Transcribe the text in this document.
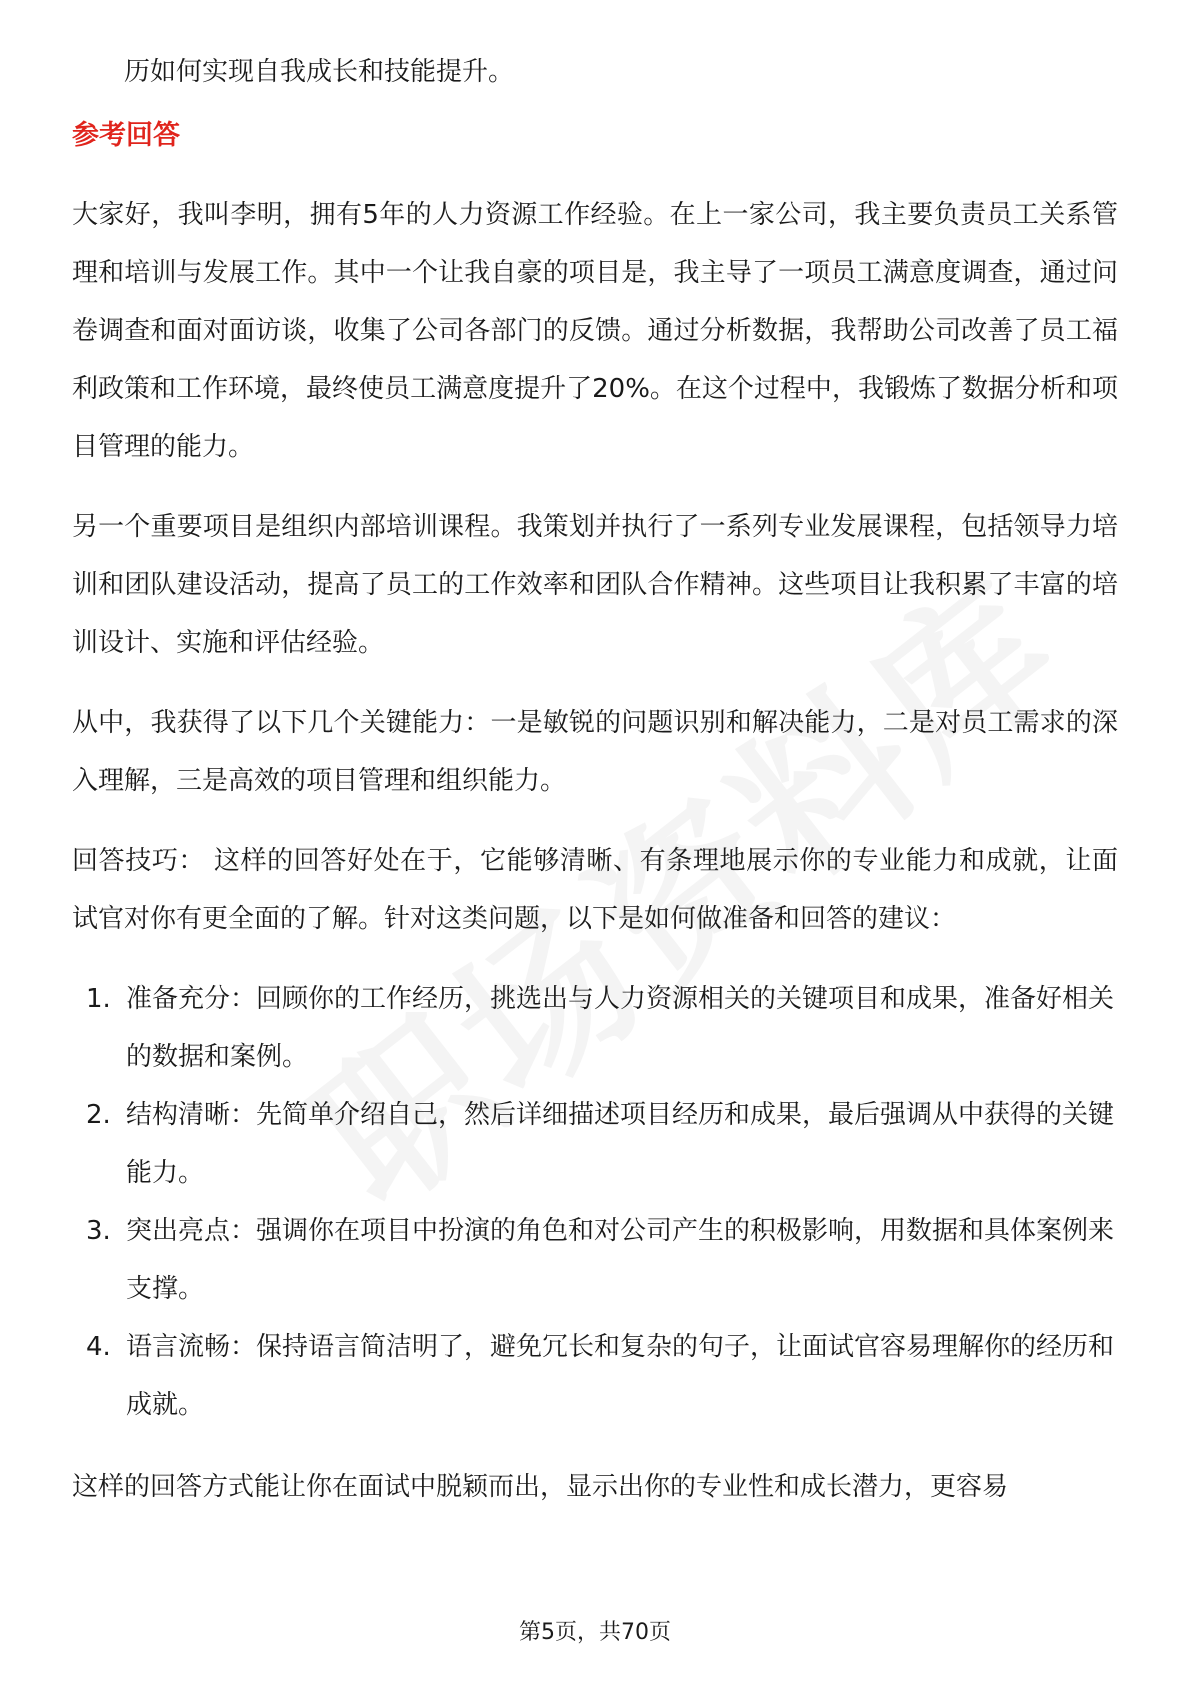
历如何实现自我成长和技能提升。

参考回答

大家好，我叫李明，拥有5年的人力资源工作经验。在上一家公司，我主要负责员工关系管理和培训与发展工作。其中一个让我自豪的项目是，我主导了一项员工满意度调查，通过问卷调查和面对面访谈，收集了公司各部门的反馈。通过分析数据，我帮助公司改善了员工福利政策和工作环境，最终使员工满意度提升了20%。在这个过程中，我锻炼了数据分析和项目管理的能力。

另一个重要项目是组织内部培训课程。我策划并执行了一系列专业发展课程，包括领导力培训和团队建设活动，提高了员工的工作效率和团队合作精神。这些项目让我积累了丰富的培训设计、实施和评估经验。

从中，我获得了以下几个关键能力：一是敏锐的问题识别和解决能力，二是对员工需求的深入理解，三是高效的项目管理和组织能力。

回答技巧： 这样的回答好处在于，它能够清晰、有条理地展示你的专业能力和成就，让面试官对你有更全面的了解。针对这类问题，以下是如何做准备和回答的建议：

1. 准备充分：回顾你的工作经历，挑选出与人力资源相关的关键项目和成果，准备好相关的数据和案例。
2. 结构清晰：先简单介绍自己，然后详细描述项目经历和成果，最后强调从中获得的关键能力。
3. 突出亮点：强调你在项目中扮演的角色和对公司产生的积极影响，用数据和具体案例来支撑。
4. 语言流畅：保持语言简洁明了，避免冗长和复杂的句子，让面试官容易理解你的经历和成就。

这样的回答方式能让你在面试中脱颖而出，显示出你的专业性和成长潜力，更容易

第5页，共70页
